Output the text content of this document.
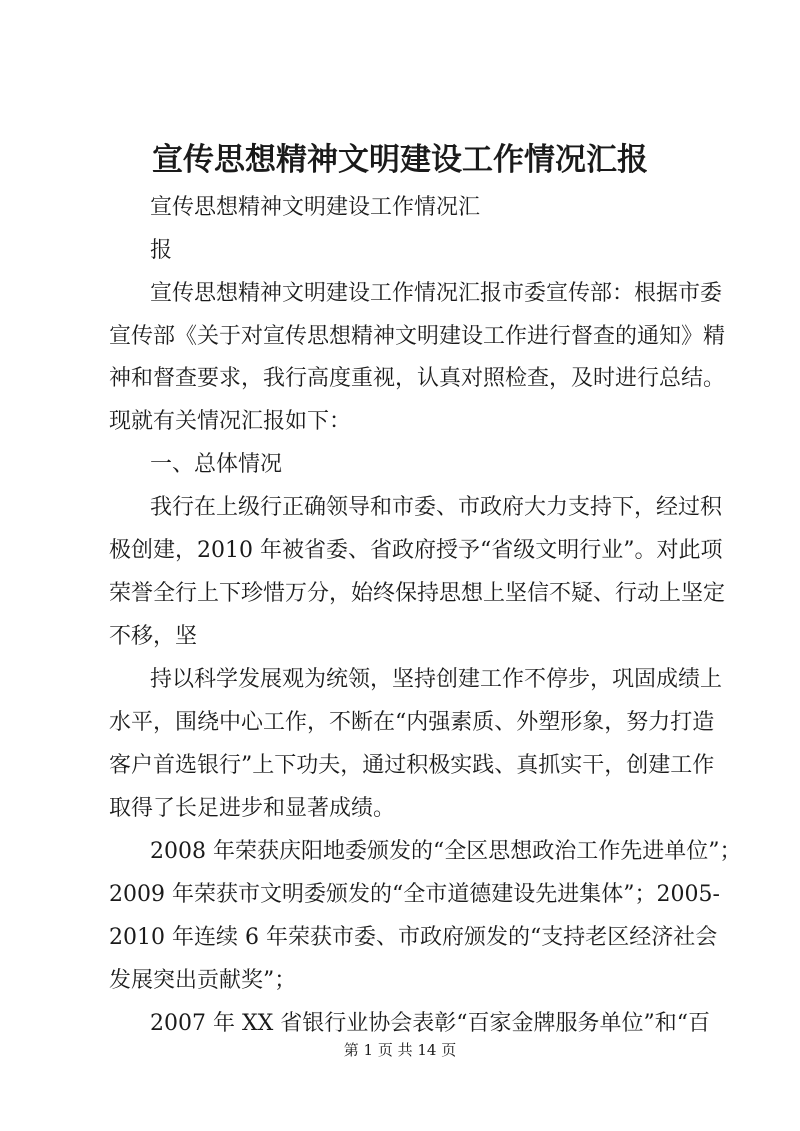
宣传思想精神文明建设工作情况汇报
宣传思想精神文明建设工作情况汇
报
宣传思想精神文明建设工作情况汇报市委宣传部：根据市委
宣传部《关于对宣传思想精神文明建设工作进行督查的通知》精
神和督查要求，我行高度重视，认真对照检查，及时进行总结。
现就有关情况汇报如下：
一、总体情况
我行在上级行正确领导和市委、市政府大力支持下，经过积
极创建，2010 年被省委、省政府授予“省级文明行业”。对此项
荣誉全行上下珍惜万分，始终保持思想上坚信不疑、行动上坚定
不移，坚
持以科学发展观为统领，坚持创建工作不停步，巩固成绩上
水平，围绕中心工作，不断在“内强素质、外塑形象，努力打造
客户首选银行”上下功夫，通过积极实践、真抓实干，创建工作
取得了长足进步和显著成绩。
2008 年荣获庆阳地委颁发的“全区思想政治工作先进单位”；
2009 年荣获市文明委颁发的“全市道德建设先进集体”；2005-
2010 年连续 6 年荣获市委、市政府颁发的“支持老区经济社会
发展突出贡献奖”；
2007 年 XX 省银行业协会表彰“百家金牌服务单位”和“百
第 1 页 共 14 页
